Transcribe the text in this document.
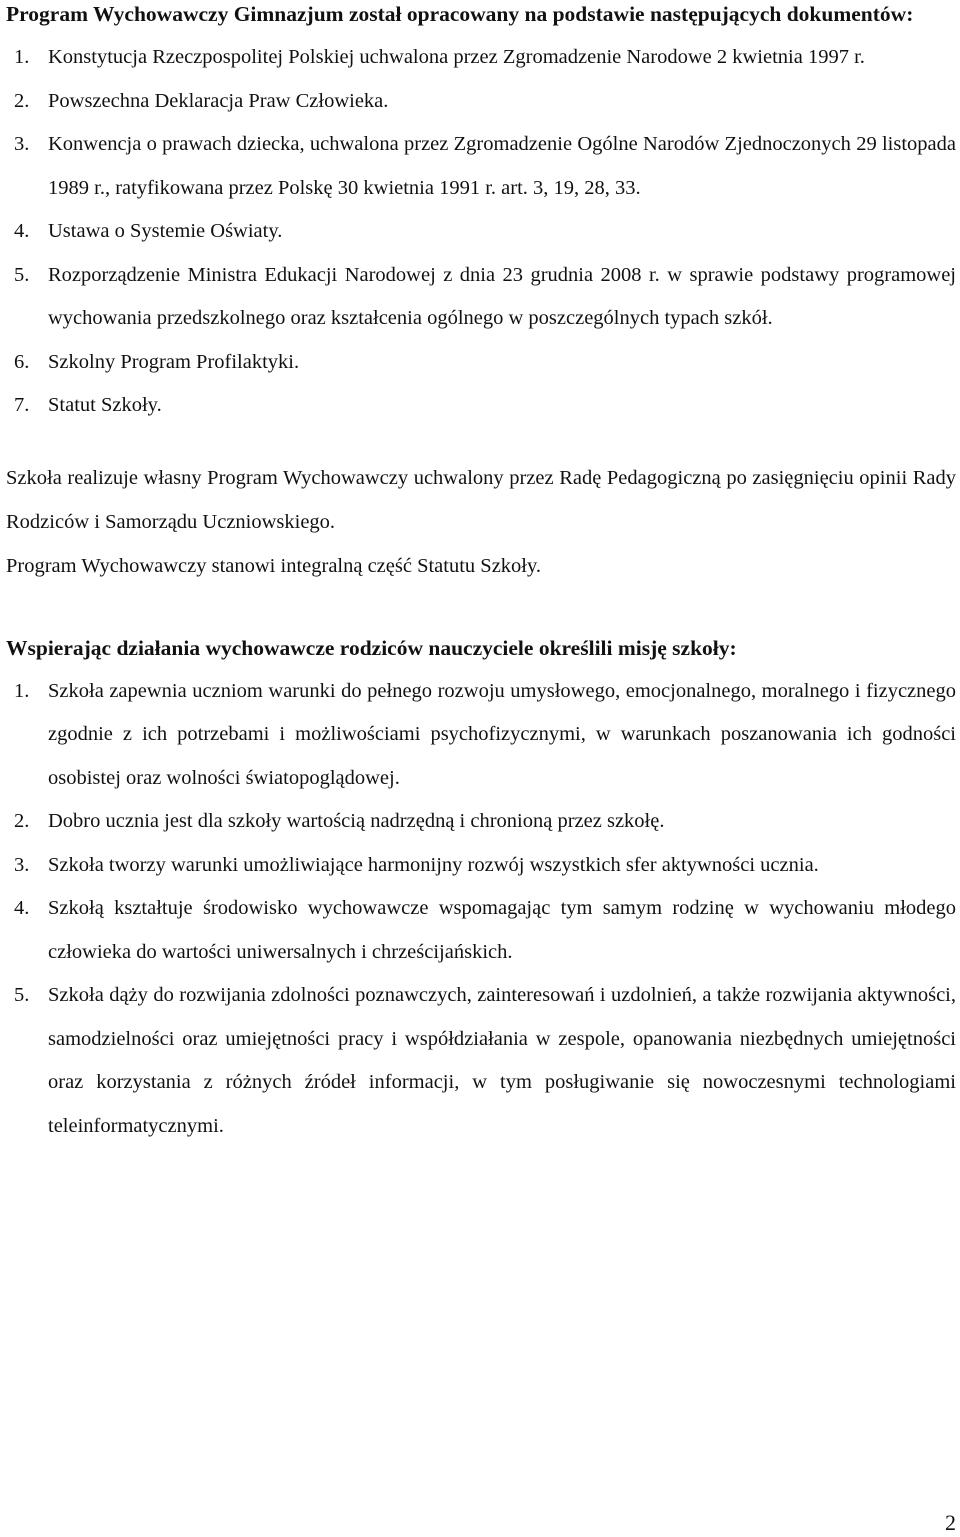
Program Wychowawczy Gimnazjum został opracowany na podstawie następujących dokumentów:
1. Konstytucja Rzeczpospolitej Polskiej uchwalona przez Zgromadzenie Narodowe 2 kwietnia 1997 r.
2. Powszechna Deklaracja Praw Człowieka.
3. Konwencja o prawach dziecka, uchwalona przez Zgromadzenie Ogólne Narodów Zjednoczonych 29 listopada 1989 r., ratyfikowana przez Polskę 30 kwietnia 1991 r. art. 3, 19, 28, 33.
4. Ustawa o Systemie Oświaty.
5. Rozporządzenie Ministra Edukacji Narodowej z dnia 23 grudnia 2008 r. w sprawie podstawy programowej wychowania przedszkolnego oraz kształcenia ogólnego w poszczególnych typach szkół.
6. Szkolny Program Profilaktyki.
7. Statut Szkoły.

Szkoła realizuje własny Program Wychowawczy uchwalony przez Radę Pedagogiczną po zasięgnięciu opinii Rady Rodziców i Samorządu Uczniowskiego.

Program Wychowawczy stanowi integralną część Statutu Szkoły.

Wspierając działania wychowawcze rodziców nauczyciele określili misję szkoły:
1. Szkoła zapewnia uczniom warunki do pełnego rozwoju umysłowego, emocjonalnego, moralnego i fizycznego zgodnie z ich potrzebami i możliwościami psychofizycznymi, w warunkach poszanowania ich godności osobistej oraz wolności światopoglądowej.
2. Dobro ucznia jest dla szkoły wartością nadrzędną i chronioną przez szkołę.
3. Szkoła tworzy warunki umożliwiające harmonijny rozwój wszystkich sfer aktywności ucznia.
4. Szkołą kształtuje środowisko wychowawcze wspomagając tym samym rodzinę w wychowaniu młodego człowieka do wartości uniwersalnych i chrześcijańskich.
5. Szkoła dąży do rozwijania zdolności poznawczych, zainteresowań i uzdolnień, a także rozwijania aktywności, samodzielności oraz umiejętności pracy i współdziałania w zespole, opanowania niezbędnych umiejętności oraz korzystania z różnych źródeł informacji, w tym posługiwanie się nowoczesnymi technologiami teleinformatycznymi.
2
